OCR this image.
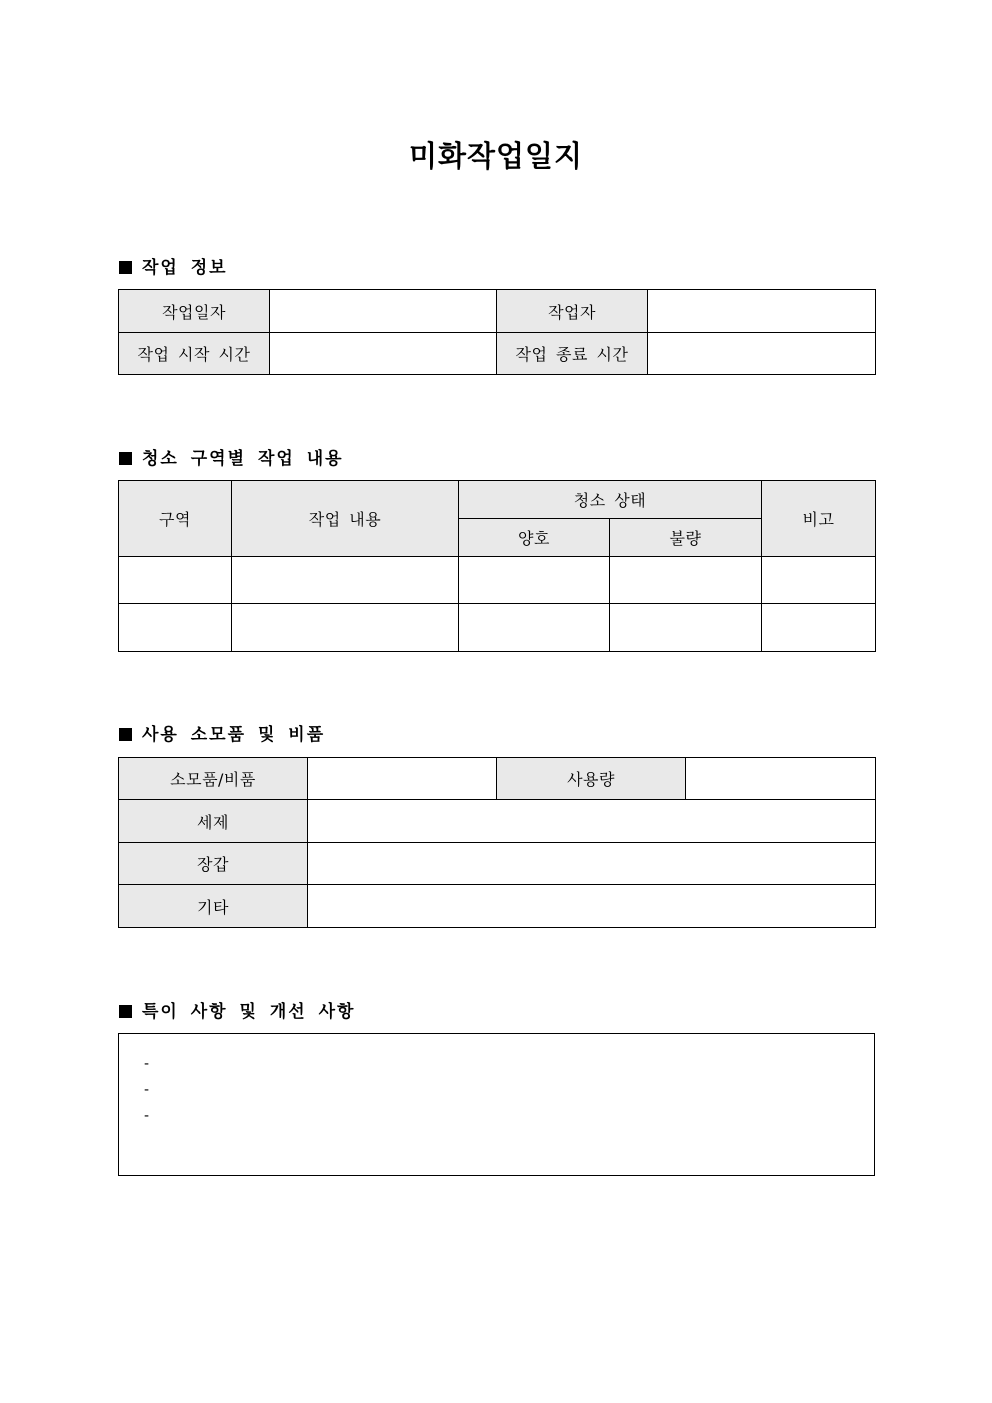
미화작업일지
작업 정보
작업일자		작업자	
작업 시작 시간		작업 종료 시간	
청소 구역별 작업 내용
구역	작업 내용	청소 상태		비고
		양호	불량	

사용 소모품 및 비품
소모품/비품		사용량	
세제			
장갑			
기타			
특이 사항 및 개선 사항
-
-
-
